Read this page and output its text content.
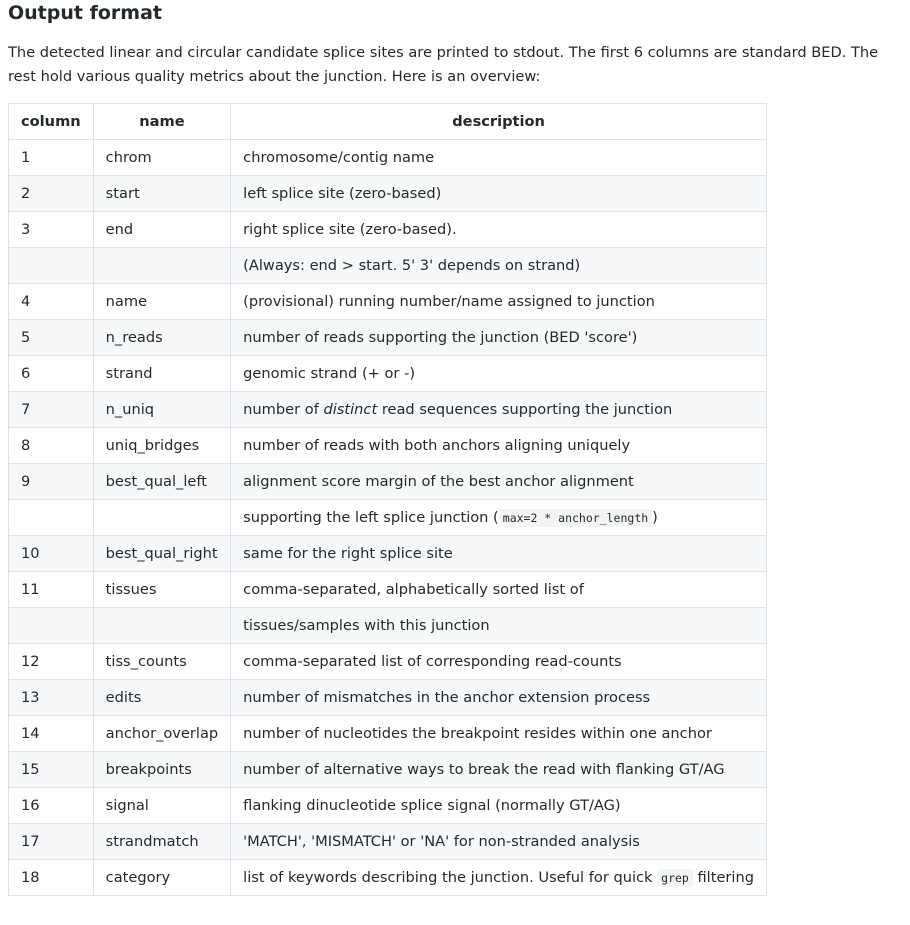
Output format

The detected linear and circular candidate splice sites are printed to stdout. The first 6 columns are standard BED. The rest hold various quality metrics about the junction. Here is an overview:

column	name	description
1	chrom	chromosome/contig name
2	start	left splice site (zero-based)
3	end	right splice site (zero-based).
		(Always: end > start. 5' 3' depends on strand)
4	name	(provisional) running number/name assigned to junction
5	n_reads	number of reads supporting the junction (BED 'score')
6	strand	genomic strand (+ or -)
7	n_uniq	number of distinct read sequences supporting the junction
8	uniq_bridges	number of reads with both anchors aligning uniquely
9	best_qual_left	alignment score margin of the best anchor alignment
		supporting the left splice junction ( max=2 * anchor_length )
10	best_qual_right	same for the right splice site
11	tissues	comma-separated, alphabetically sorted list of
		tissues/samples with this junction
12	tiss_counts	comma-separated list of corresponding read-counts
13	edits	number of mismatches in the anchor extension process
14	anchor_overlap	number of nucleotides the breakpoint resides within one anchor
15	breakpoints	number of alternative ways to break the read with flanking GT/AG
16	signal	flanking dinucleotide splice signal (normally GT/AG)
17	strandmatch	'MATCH', 'MISMATCH' or 'NA' for non-stranded analysis
18	category	list of keywords describing the junction. Useful for quick grep filtering
